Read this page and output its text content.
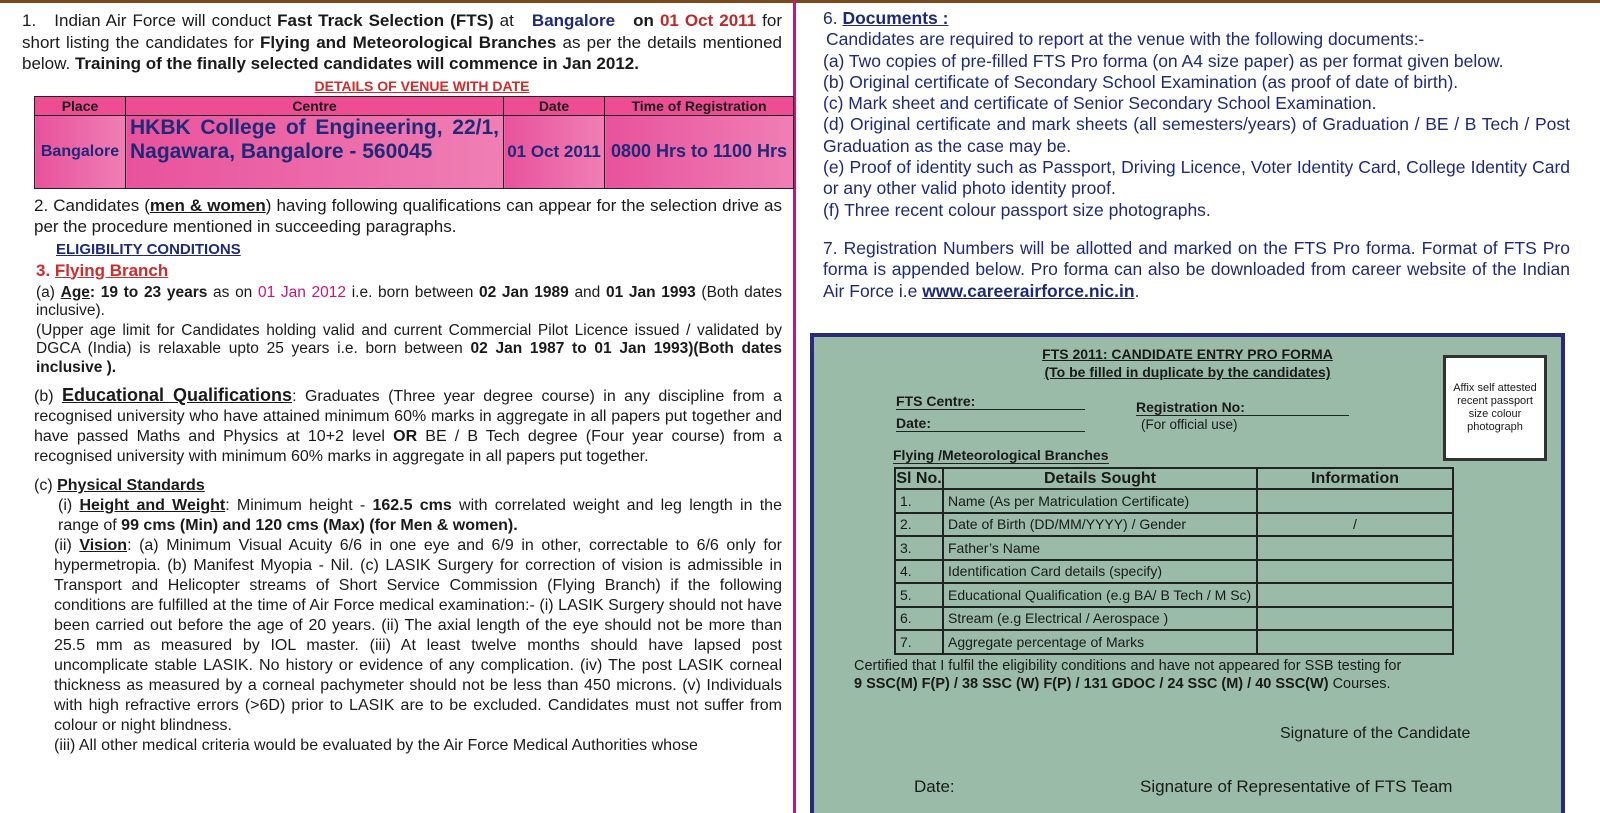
1. Indian Air Force will conduct Fast Track Selection (FTS) at Bangalore on 01 Oct 2011 for short listing the candidates for Flying and Meteorological Branches as per the details mentioned below. Training of the finally selected candidates will commence in Jan 2012.

DETAILS OF VENUE WITH DATE
Place	Centre	Date	Time of Registration
Bangalore	HKBK College of Engineering, 22/1, Nagawara, Bangalore - 560045	01 Oct 2011	0800 Hrs to 1100 Hrs

2. Candidates (men & women) having following qualifications can appear for the selection drive as per the procedure mentioned in succeeding paragraphs.

ELIGIBILITY CONDITIONS
3. Flying Branch

(a) Age: 19 to 23 years as on 01 Jan 2012 i.e. born between 02 Jan 1989 and 01 Jan 1993 (Both dates inclusive).

(Upper age limit for Candidates holding valid and current Commercial Pilot Licence issued / validated by DGCA (India) is relaxable upto 25 years i.e. born between 02 Jan 1987 to 01 Jan 1993)(Both dates inclusive ).

(b) Educational Qualifications: Graduates (Three year degree course) in any discipline from a recognised university who have attained minimum 60% marks in aggregate in all papers put together and have passed Maths and Physics at 10+2 level OR BE / B Tech degree (Four year course) from a recognised university with minimum 60% marks in aggregate in all papers put together.

(c) Physical Standards

(i) Height and Weight: Minimum height - 162.5 cms with correlated weight and leg length in the range of 99 cms (Min) and 120 cms (Max) (for Men & women).

(ii) Vision: (a) Minimum Visual Acuity 6/6 in one eye and 6/9 in other, correctable to 6/6 only for hypermetropia. (b) Manifest Myopia - Nil. (c) LASIK Surgery for correction of vision is admissible in Transport and Helicopter streams of Short Service Commission (Flying Branch) if the following conditions are fulfilled at the time of Air Force medical examination:- (i) LASIK Surgery should not have been carried out before the age of 20 years. (ii) The axial length of the eye should not be more than 25.5 mm as measured by IOL master. (iii) At least twelve months should have lapsed post uncomplicate stable LASIK. No history or evidence of any complication. (iv) The post LASIK corneal thickness as measured by a corneal pachymeter should not be less than 450 microns. (v) Individuals with high refractive errors (>6D) prior to LASIK are to be excluded. Candidates must not suffer from colour or night blindness.

(iii) All other medical criteria would be evaluated by the Air Force Medical Authorities whose

6. Documents :

Candidates are required to report at the venue with the following documents:-

(a) Two copies of pre-filled FTS Pro forma (on A4 size paper) as per format given below.

(b) Original certificate of Secondary School Examination (as proof of date of birth).

(c) Mark sheet and certificate of Senior Secondary School Examination.

(d) Original certificate and mark sheets (all semesters/years) of Graduation / BE / B Tech / Post Graduation as the case may be.

(e) Proof of identity such as Passport, Driving Licence, Voter Identity Card, College Identity Card or any other valid photo identity proof.

(f) Three recent colour passport size photographs.

7. Registration Numbers will be allotted and marked on the FTS Pro forma. Format of FTS Pro forma is appended below. Pro forma can also be downloaded from career website of the Indian Air Force i.e www.careerairforce.nic.in.

FTS 2011: CANDIDATE ENTRY PRO FORMA
(To be filled in duplicate by the candidates)
Affix self attested recent passport size colour photograph
FTS Centre:
Date:
Registration No:
(For official use)
Flying /Meteorological Branches
Sl No.	Details Sought	Information
1.	Name (As per Matriculation Certificate)	
2.	Date of Birth (DD/MM/YYYY) / Gender	/
3.	Father’s Name	
4.	Identification Card details (specify)	
5.	Educational Qualification (e.g BA/ B Tech / M Sc)	
6.	Stream (e.g Electrical / Aerospace )	
7.	Aggregate percentage of Marks	
Certified that I fulfil the eligibility conditions and have not appeared for SSB testing for
9 SSC(M) F(P) / 38 SSC (W) F(P) / 131 GDOC / 24 SSC (M) / 40 SSC(W) Courses.
Signature of the Candidate
Date:	Signature of Representative of FTS Team
